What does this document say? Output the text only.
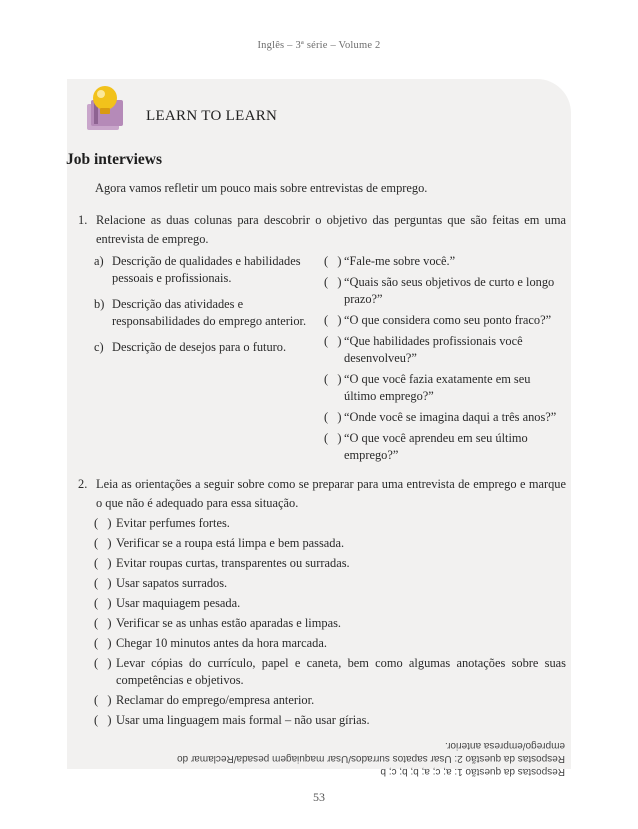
Inglês – 3ª série – Volume 2
LEARN TO LEARN
Job interviews
Agora vamos refletir um pouco mais sobre entrevistas de emprego.
1. Relacione as duas colunas para descobrir o objetivo das perguntas que são feitas em uma entrevista de emprego.
a) Descrição de qualidades e habilidades pessoais e profissionais.
b) Descrição das atividades e responsabilidades do emprego anterior.
c) Descrição de desejos para o futuro.
(   ) “Fale-me sobre você.”
(   ) “Quais são seus objetivos de curto e longo prazo?”
(   ) “O que considera como seu ponto fraco?”
(   ) “Que habilidades profissionais você desenvolveu?”
(   ) “O que você fazia exatamente em seu último emprego?”
(   ) “Onde você se imagina daqui a três anos?”
(   ) “O que você aprendeu em seu último emprego?”
2. Leia as orientações a seguir sobre como se preparar para uma entrevista de emprego e marque o que não é adequado para essa situação.
(   ) Evitar perfumes fortes.
(   ) Verificar se a roupa está limpa e bem passada.
(   ) Evitar roupas curtas, transparentes ou surradas.
(   ) Usar sapatos surrados.
(   ) Usar maquiagem pesada.
(   ) Verificar se as unhas estão aparadas e limpas.
(   ) Chegar 10 minutos antes da hora marcada.
(   ) Levar cópias do currículo, papel e caneta, bem como algumas anotações sobre suas competências e objetivos.
(   ) Reclamar do emprego/empresa anterior.
(   ) Usar uma linguagem mais formal – não usar gírias.
Respostas da questão 1: a; c; a; b; b; c; b
Respostas da questão 2: Usar sapatos surrados/Usar maquiagem pesada/Reclamar do emprego/empresa anterior.
53
